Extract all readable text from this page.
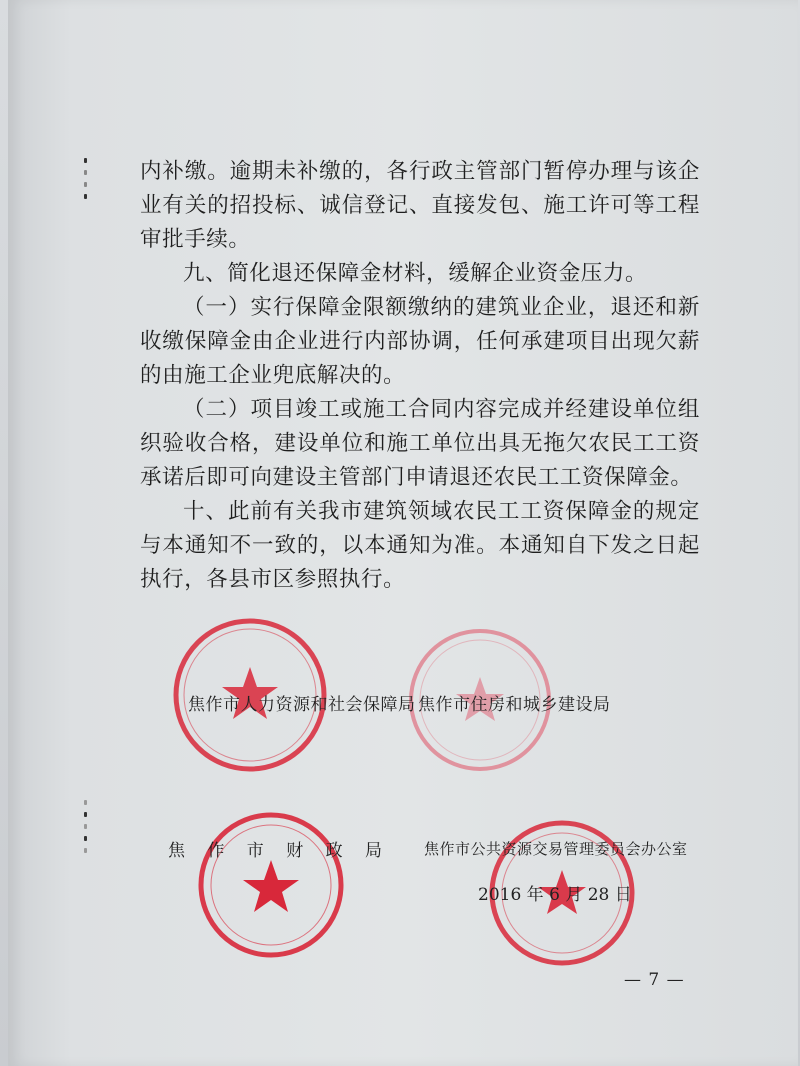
内补缴。逾期未补缴的，各行政主管部门暂停办理与该企业有关的招投标、诚信登记、直接发包、施工许可等工程审批手续。

九、简化退还保障金材料，缓解企业资金压力。

（一）实行保障金限额缴纳的建筑业企业，退还和新收缴保障金由企业进行内部协调，任何承建项目出现欠薪的由施工企业兜底解决的。

（二）项目竣工或施工合同内容完成并经建设单位组织验收合格，建设单位和施工单位出具无拖欠农民工工资承诺后即可向建设主管部门申请退还农民工工资保障金。

十、此前有关我市建筑领域农民工工资保障金的规定与本通知不一致的，以本通知为准。本通知自下发之日起执行，各县市区参照执行。

焦作市人力资源和社会保障局 焦作市住房和城乡建设局
焦 作 市 财 政 局	焦作市公共资源交易管理委员会办公室
2016 年 6 月 28 日
— 7 —
